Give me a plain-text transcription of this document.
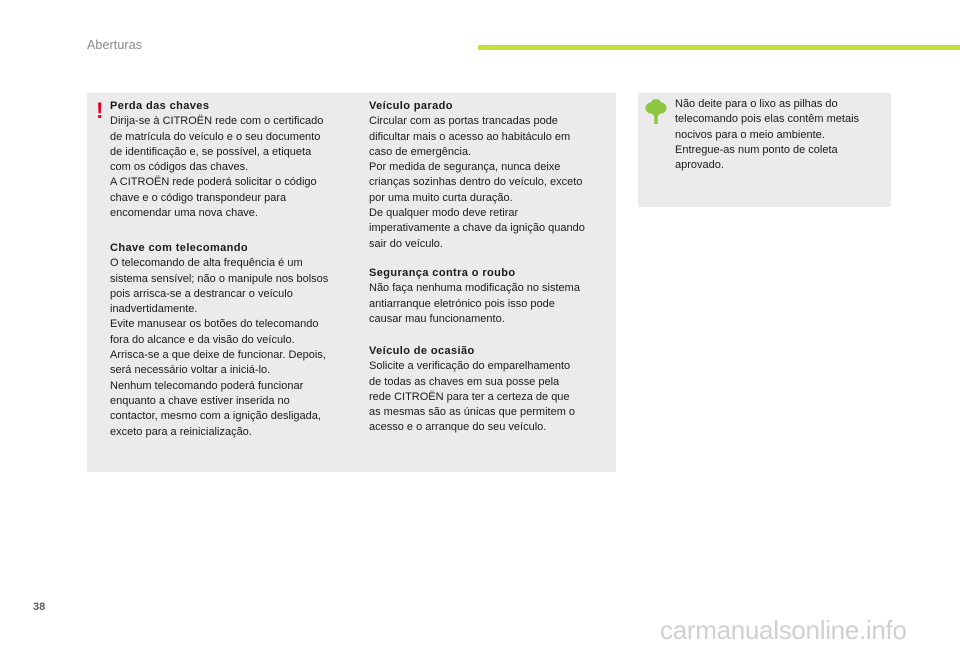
Aberturas
! Perda das chaves
Dirija-se à CITROËN rede com o certificado
de matrícula do veículo e o seu documento
de identificação e, se possível, a etiqueta
com os códigos das chaves.
A CITROËN rede poderá solicitar o código
chave e o código transpondeur para
encomendar uma nova chave.
Chave com telecomando
O telecomando de alta frequência é um
sistema sensível; não o manipule nos bolsos
pois arrisca-se a destrancar o veículo
inadvertidamente.
Evite manusear os botões do telecomando
fora do alcance e da visão do veículo.
Arrisca-se a que deixe de funcionar. Depois,
será necessário voltar a iniciá-lo.
Nenhum telecomando poderá funcionar
enquanto a chave estiver inserida no
contactor, mesmo com a ignição desligada,
exceto para a reinicialização.
Veículo parado
Circular com as portas trancadas pode
dificultar mais o acesso ao habitáculo em
caso de emergência.
Por medida de segurança, nunca deixe
crianças sozinhas dentro do veículo, exceto
por uma muito curta duração.
De qualquer modo deve retirar
imperativamente a chave da ignição quando
sair do veículo.
Segurança contra o roubo
Não faça nenhuma modificação no sistema
antiarranque eletrónico pois isso pode
causar mau funcionamento.
Veículo de ocasião
Solicite a verificação do emparelhamento
de todas as chaves em sua posse pela
rede CITROËN para ter a certeza de que
as mesmas são as únicas que permitem o
acesso e o arranque do seu veículo.
Não deite para o lixo as pilhas do
telecomando pois elas contêm metais
nocivos para o meio ambiente.
Entregue-as num ponto de coleta
aprovado.
38
carmanualsonline.info
